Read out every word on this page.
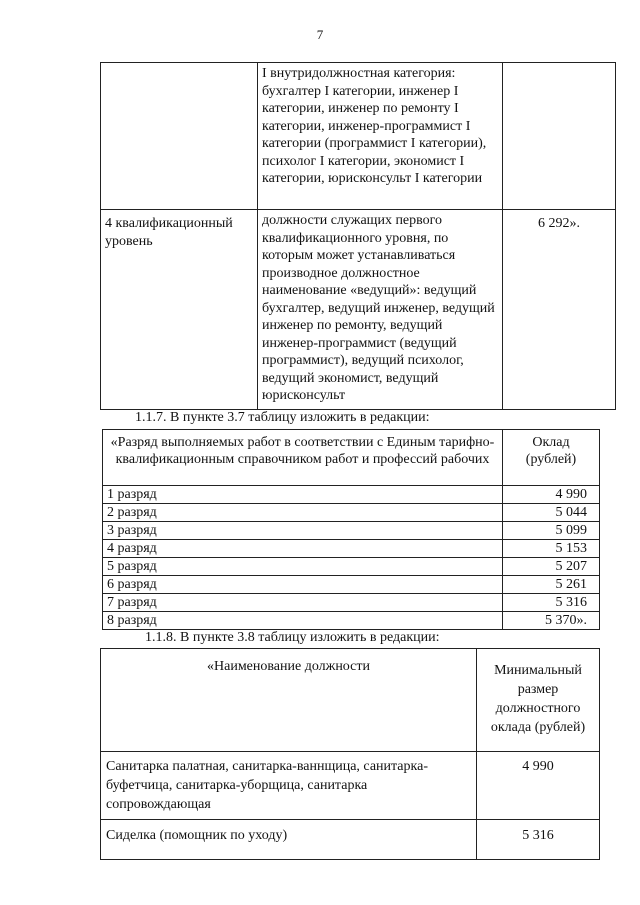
7
	I внутридолжностная категория: бухгалтер I категории, инженер I категории, инженер по ремонту I категории, инженер-программист I категории (программист I категории), психолог I категории, экономист I категории, юрисконсульт I категории	
4 квалификационный уровень	должности служащих первого квалификационного уровня, по которым может устанавливаться производное должностное наименование «ведущий»: ведущий бухгалтер, ведущий инженер, ведущий инженер по ремонту, ведущий инженер-программист (ведущий программист), ведущий психолог, ведущий экономист, ведущий юрисконсульт	6 292».
1.1.7. В пункте 3.7 таблицу изложить в редакции:
«Разряд выполняемых работ в соответствии с Единым тарифно-квалификационным справочником работ и профессий рабочих	Оклад (рублей)
1 разряд	4 990
2 разряд	5 044
3 разряд	5 099
4 разряд	5 153
5 разряд	5 207
6 разряд	5 261
7 разряд	5 316
8 разряд	5 370».
1.1.8. В пункте 3.8 таблицу изложить в редакции:
«Наименование должности	Минимальный размер должностного оклада (рублей)
Санитарка палатная, санитарка-ваннщица, санитарка-буфетчица, санитарка-уборщица, санитарка сопровождающая	4 990
Сиделка (помощник по уходу)	5 316
